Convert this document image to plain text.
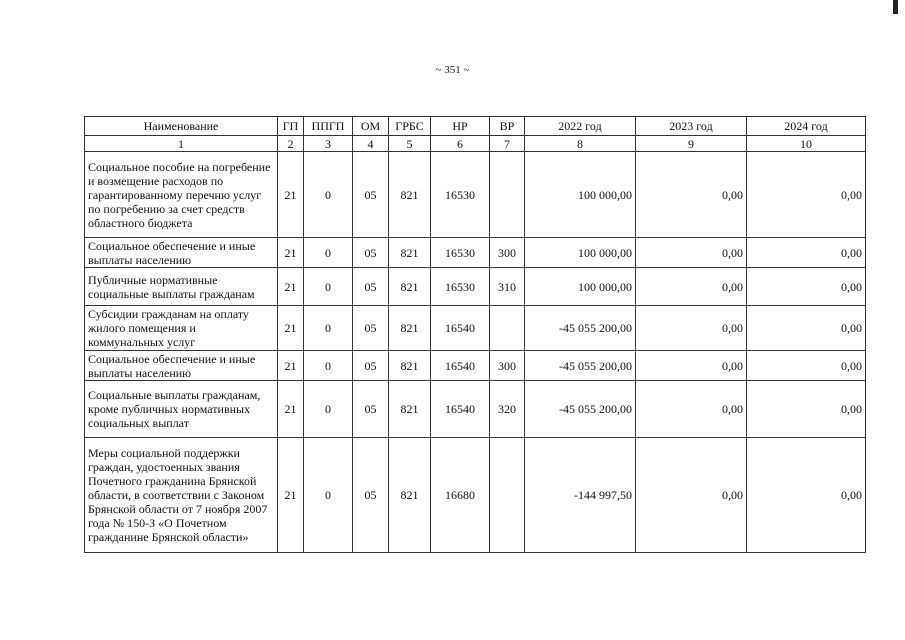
~ 351 ~
Наименование	ГП	ППГП	ОМ	ГРБС	НР	ВР	2022 год	2023 год	2024 год
1	2	3	4	5	6	7	8	9	10
Социальное пособие на погребение и возмещение расходов по гарантированному перечню услуг по погребению за счет средств областного бюджета	21	0	05	821	16530		100 000,00	0,00	0,00
Социальное обеспечение и иные выплаты населению	21	0	05	821	16530	300	100 000,00	0,00	0,00
Публичные нормативные социальные выплаты гражданам	21	0	05	821	16530	310	100 000,00	0,00	0,00
Субсидии гражданам на оплату жилого помещения и коммунальных услуг	21	0	05	821	16540		-45 055 200,00	0,00	0,00
Социальное обеспечение и иные выплаты населению	21	0	05	821	16540	300	-45 055 200,00	0,00	0,00
Социальные выплаты гражданам, кроме публичных нормативных социальных выплат	21	0	05	821	16540	320	-45 055 200,00	0,00	0,00
Меры социальной поддержки граждан, удостоенных звания Почетного гражданина Брянской области, в соответствии с Законом Брянской области от 7 ноября 2007 года № 150-З «О Почетном гражданине Брянской области»	21	0	05	821	16680		-144 997,50	0,00	0,00
